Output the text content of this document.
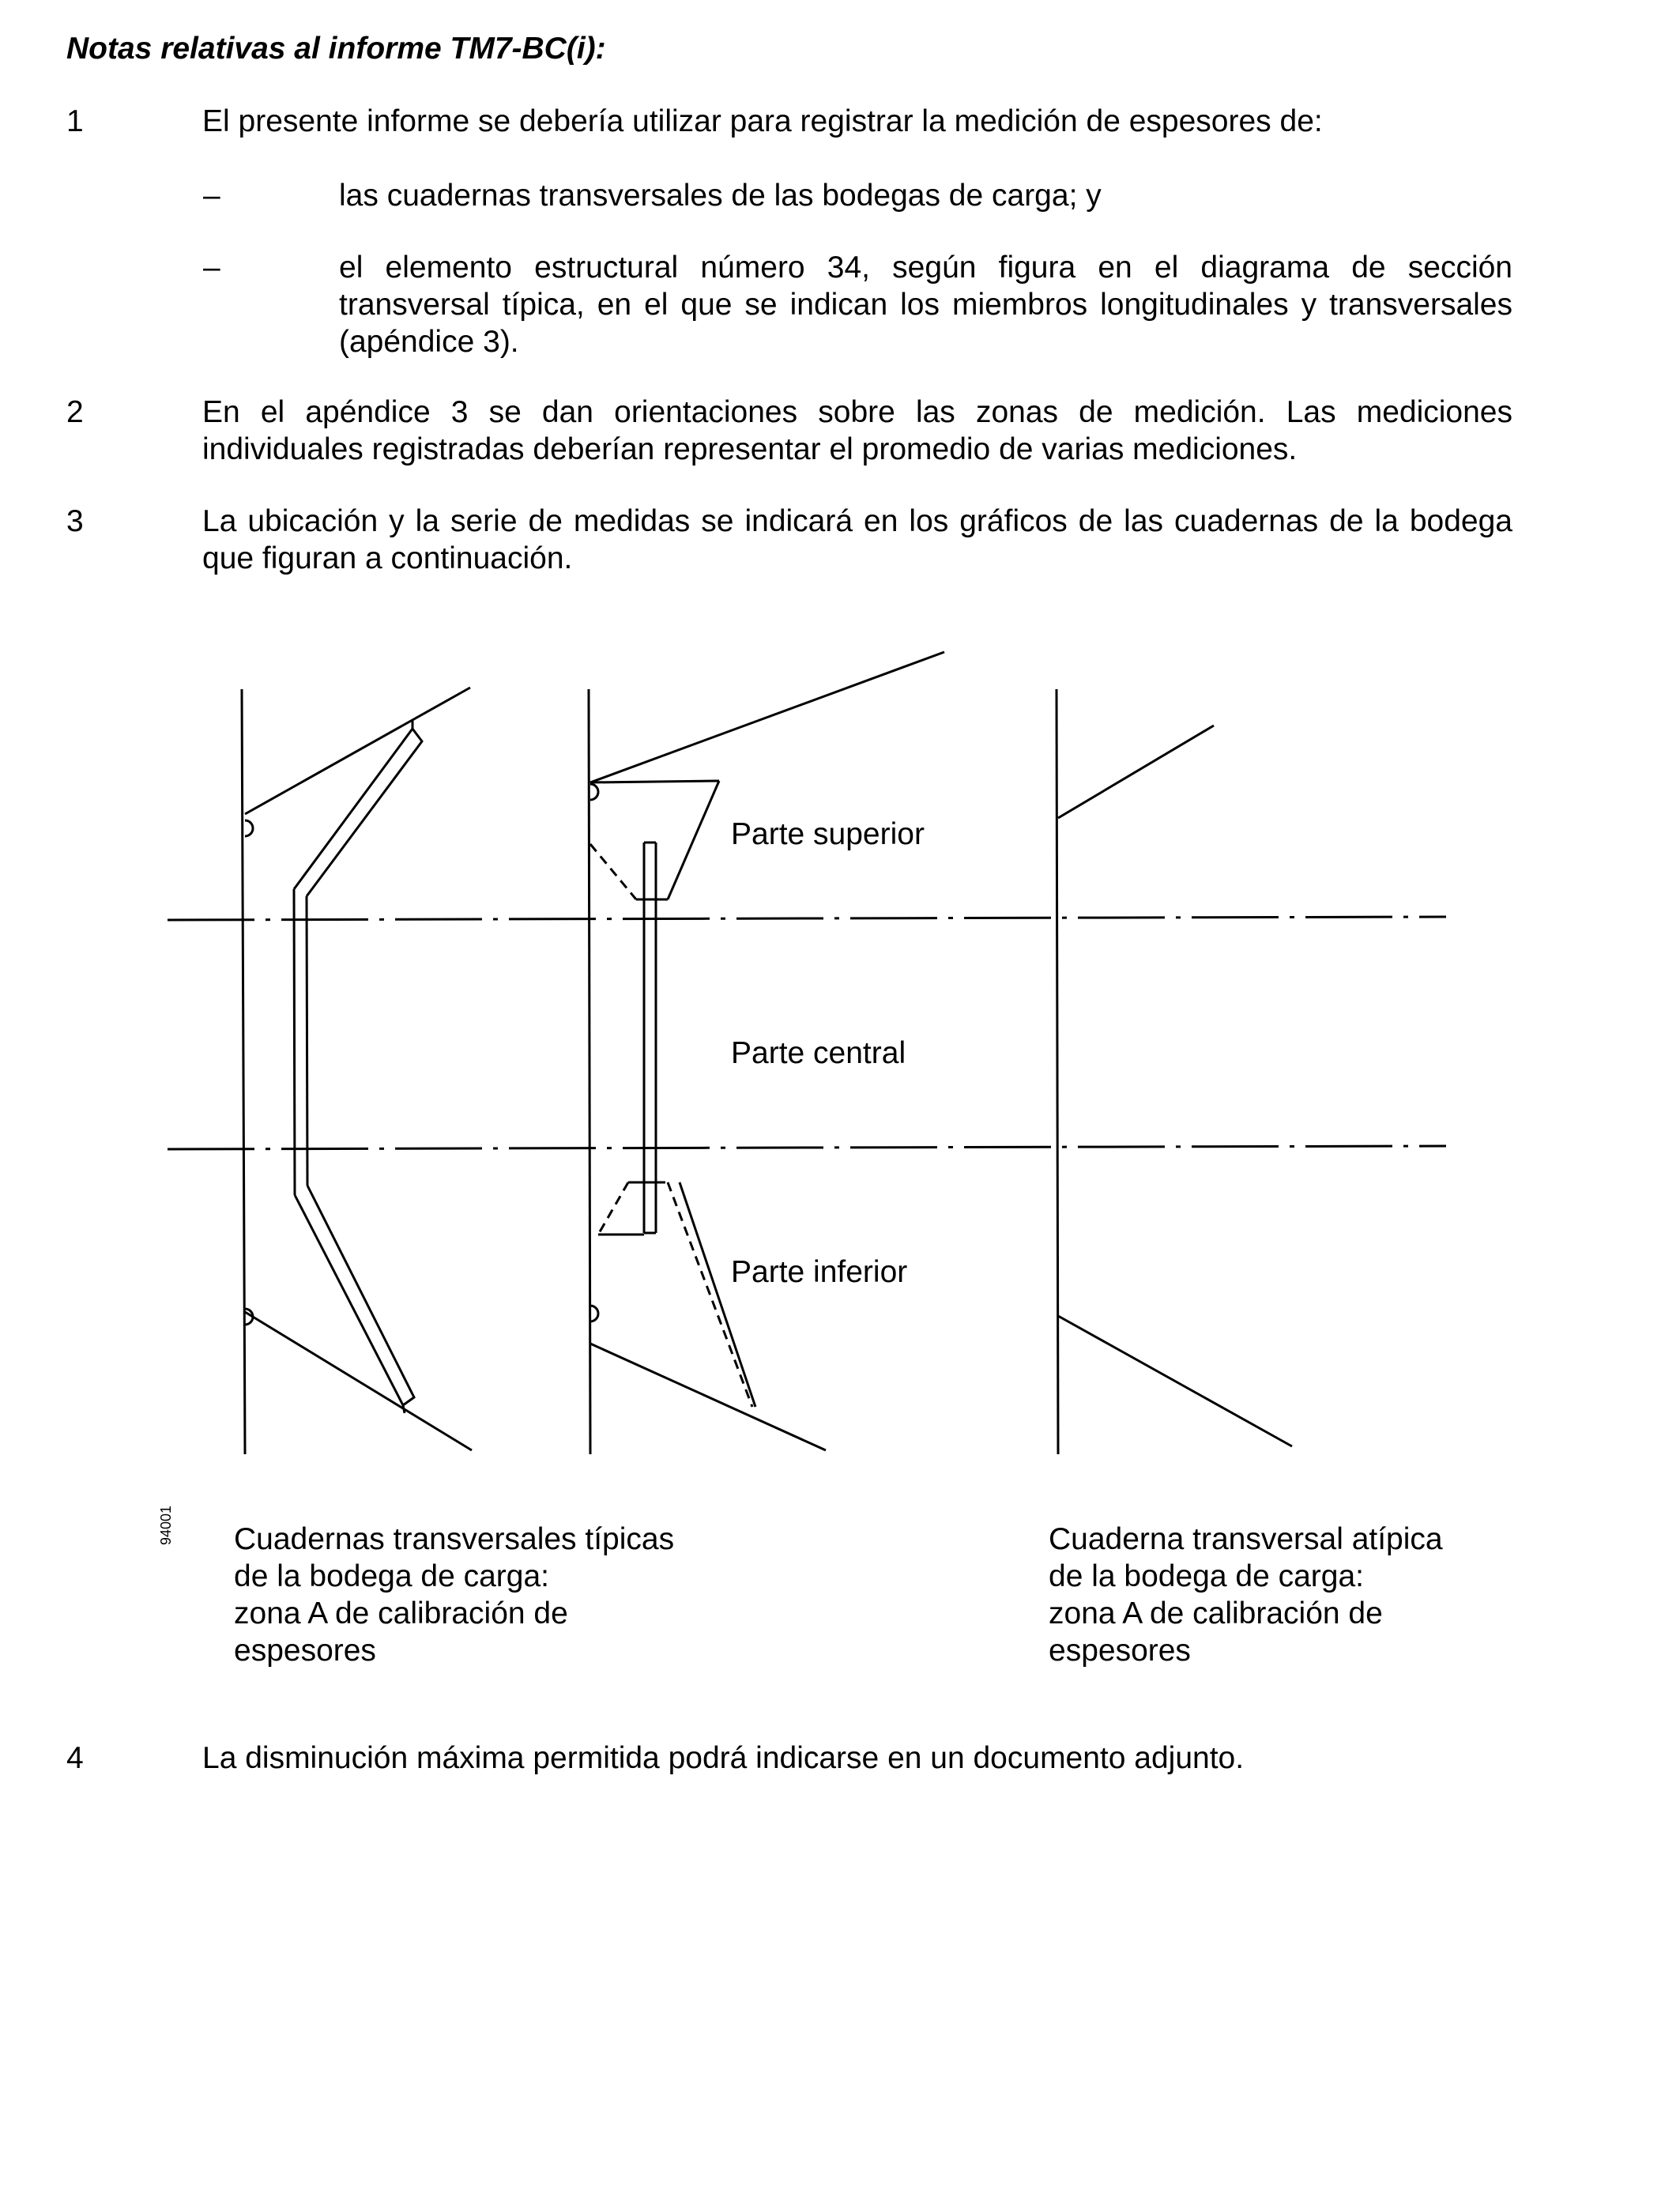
Notas relativas al informe TM7-BC(i):
1	El presente informe se debería utilizar para registrar la medición de espesores de:
–	las cuadernas transversales de las bodegas de carga; y
–	el elemento estructural número 34, según figura en el diagrama de sección transversal típica, en el que se indican los miembros longitudinales y transversales (apéndice 3).
2	En el apéndice 3 se dan orientaciones sobre las zonas de medición. Las mediciones individuales registradas deberían representar el promedio de varias mediciones.
3	La ubicación y la serie de medidas se indicará en los gráficos de las cuadernas de la bodega que figuran a continuación.
Parte superior
Parte central
Parte inferior
94001 Cuadernas transversales típicas
de la bodega de carga:
zona A de calibración de
espesores
Cuaderna transversal atípica
de la bodega de carga:
zona A de calibración de
espesores
4	La disminución máxima permitida podrá indicarse en un documento adjunto.
